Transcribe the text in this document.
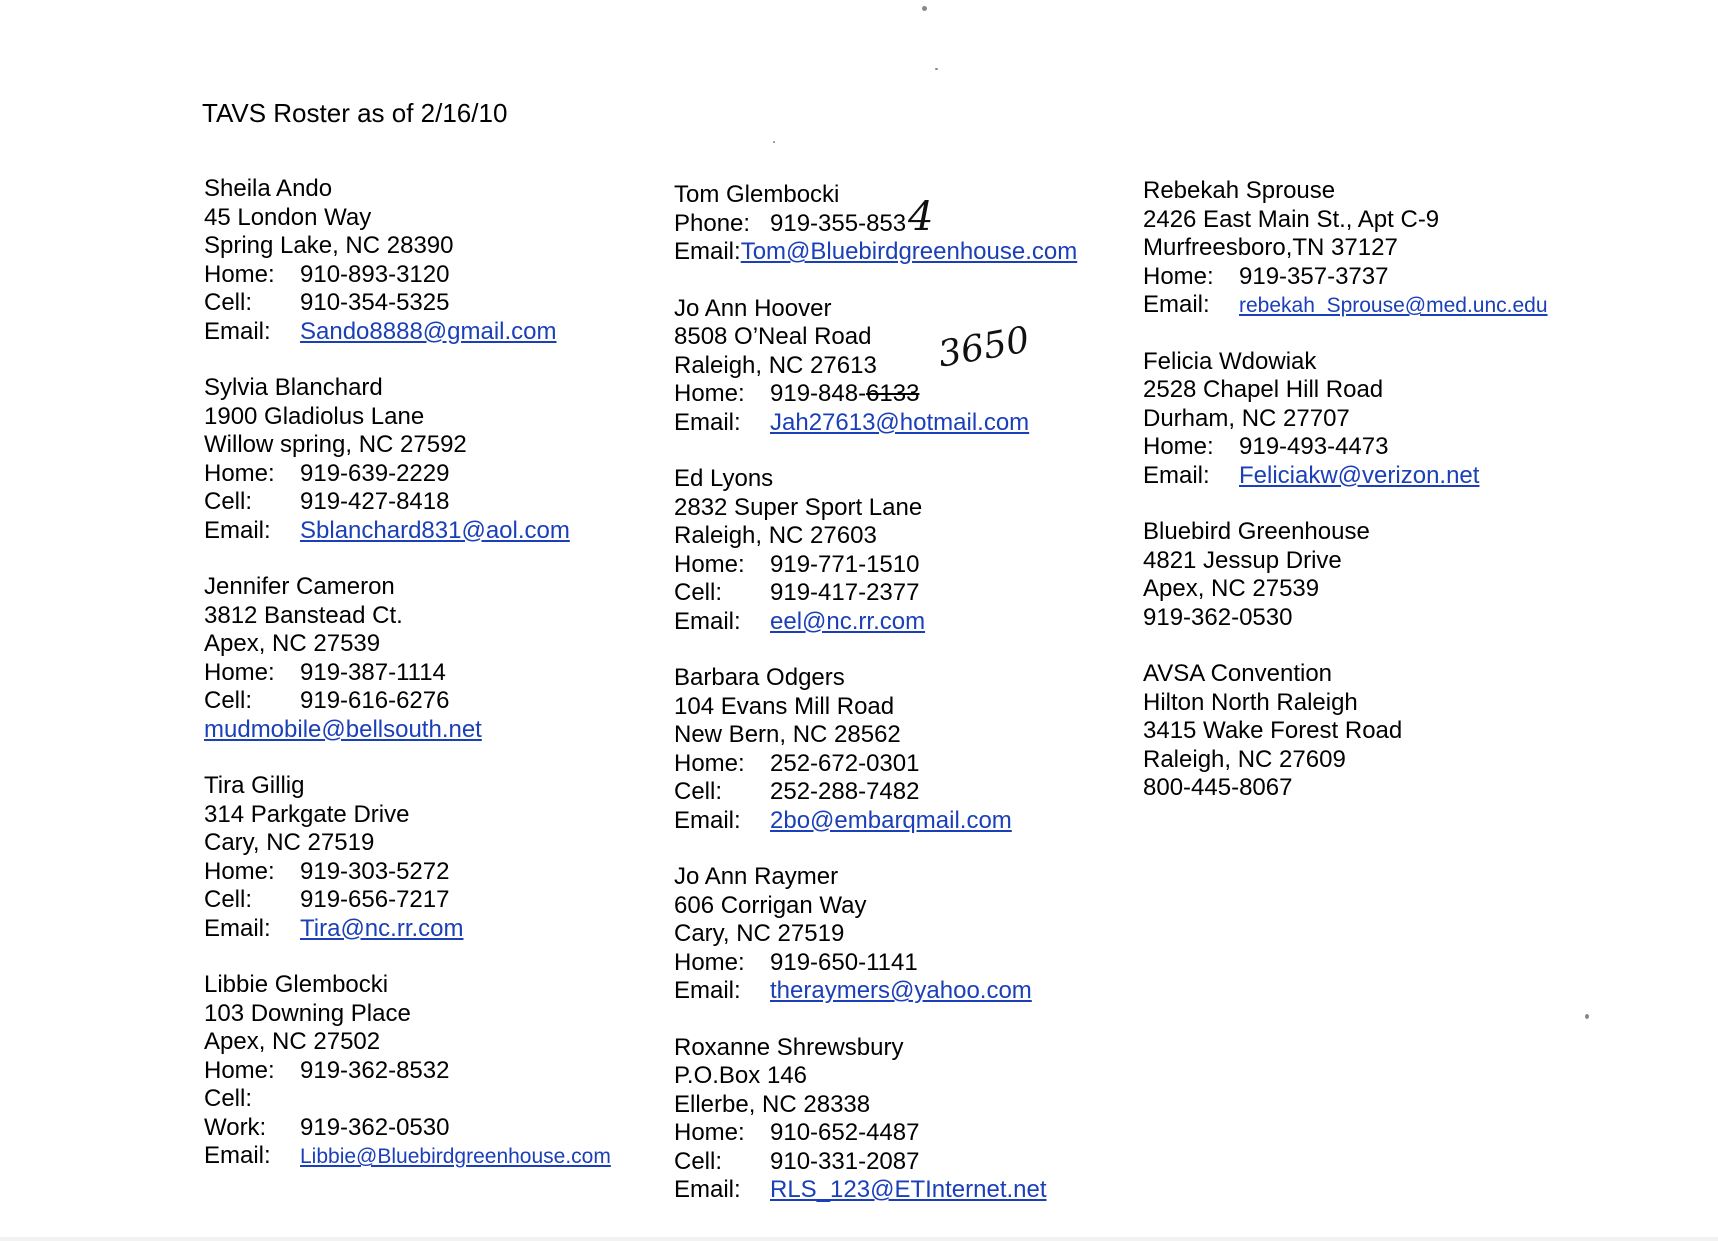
TAVS Roster as of 2/16/10
Sheila Ando
45 London Way
Spring Lake, NC 28390
Home: 910-893-3120
Cell: 910-354-5325
Email: Sando8888@gmail.com
Sylvia Blanchard
1900 Gladiolus Lane
Willow spring, NC 27592
Home: 919-639-2229
Cell: 919-427-8418
Email: Sblanchard831@aol.com
Jennifer Cameron
3812 Banstead Ct.
Apex, NC 27539
Home: 919-387-1114
Cell: 919-616-6276
mudmobile@bellsouth.net
Tira Gillig
314 Parkgate Drive
Cary, NC 27519
Home: 919-303-5272
Cell: 919-656-7217
Email: Tira@nc.rr.com
Libbie Glembocki
103 Downing Place
Apex, NC 27502
Home: 919-362-8532
Cell:
Work: 919-362-0530
Email: Libbie@Bluebirdgreenhouse.com
Tom Glembocki
Phone: 919-355-853
Email:Tom@Bluebirdgreenhouse.com
Jo Ann Hoover
8508 O’Neal Road
Raleigh, NC 27613
Home: 919-848-6133
Email: Jah27613@hotmail.com
Ed Lyons
2832 Super Sport Lane
Raleigh, NC 27603
Home: 919-771-1510
Cell: 919-417-2377
Email: eel@nc.rr.com
Barbara Odgers
104 Evans Mill Road
New Bern, NC 28562
Home: 252-672-0301
Cell: 252-288-7482
Email: 2bo@embarqmail.com
Jo Ann Raymer
606 Corrigan Way
Cary, NC 27519
Home: 919-650-1141
Email: theraymers@yahoo.com
Roxanne Shrewsbury
P.O.Box 146
Ellerbe, NC 28338
Home: 910-652-4487
Cell: 910-331-2087
Email: RLS_123@ETInternet.net
Rebekah Sprouse
2426 East Main St., Apt C-9
Murfreesboro,TN 37127
Home: 919-357-3737
Email: rebekah_Sprouse@med.unc.edu
Felicia Wdowiak
2528 Chapel Hill Road
Durham, NC 27707
Home: 919-493-4473
Email: Feliciakw@verizon.net
Bluebird Greenhouse
4821 Jessup Drive
Apex, NC 27539
919-362-0530
AVSA Convention
Hilton North Raleigh
3415 Wake Forest Road
Raleigh, NC 27609
800-445-8067
4
3650
